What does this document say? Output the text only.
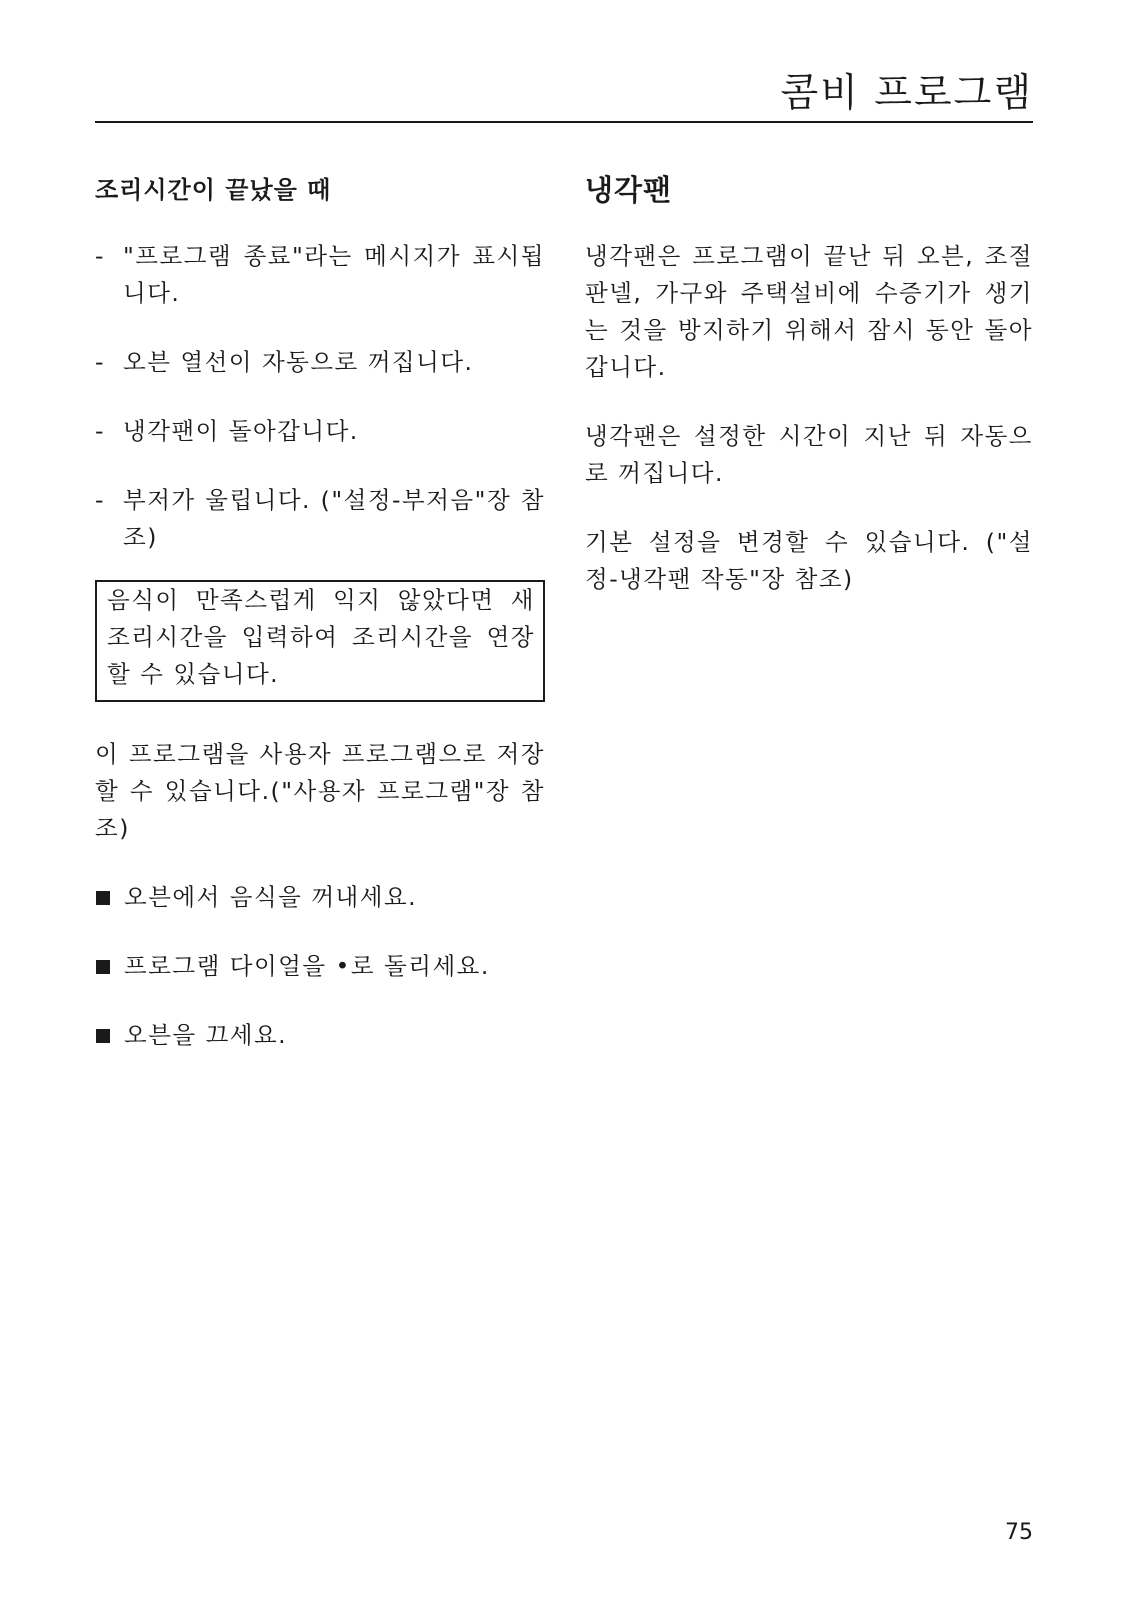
콤비 프로그램
조리시간이 끝났을 때
- "프로그램 종료"라는 메시지가 표시됩니다.
- 오븐 열선이 자동으로 꺼집니다.
- 냉각팬이 돌아갑니다.
- 부저가 울립니다. ("설정-부저음"장 참조)
음식이 만족스럽게 익지 않았다면 새 조리시간을 입력하여 조리시간을 연장할 수 있습니다.
이 프로그램을 사용자 프로그램으로 저장할 수 있습니다.("사용자 프로그램"장 참조)
오븐에서 음식을 꺼내세요.
프로그램 다이얼을 •로 돌리세요.
오븐을 끄세요.
냉각팬
냉각팬은 프로그램이 끝난 뒤 오븐, 조절판넬, 가구와 주택설비에 수증기가 생기는 것을 방지하기 위해서 잠시 동안 돌아갑니다.
냉각팬은 설정한 시간이 지난 뒤 자동으로 꺼집니다.
기본 설정을 변경할 수 있습니다. ("설정-냉각팬 작동"장 참조)
75
